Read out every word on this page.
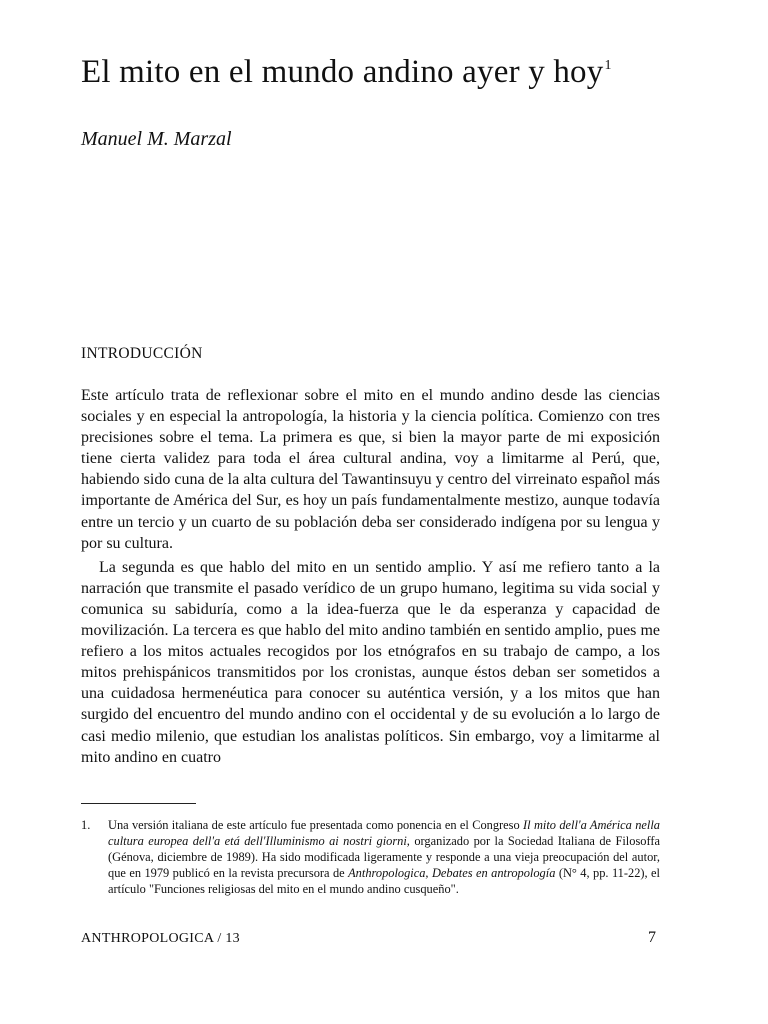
El mito en el mundo andino ayer y hoy$^1$

Manuel M. Marzal

INTRODUCCIÓN

Este artículo trata de reflexionar sobre el mito en el mundo andino desde las ciencias sociales y en especial la antropología, la historia y la ciencia política. Comienzo con tres precisiones sobre el tema. La primera es que, si bien la mayor parte de mi exposición tiene cierta validez para toda el área cultural andina, voy a limitarme al Perú, que, habiendo sido cuna de la alta cultura del Tawantinsuyu y centro del virreinato español más importante de América del Sur, es hoy un país fundamentalmente mestizo, aunque todavía entre un tercio y un cuarto de su población deba ser considerado indígena por su lengua y por su cultura.

La segunda es que hablo del mito en un sentido amplio. Y así me refiero tanto a la narración que transmite el pasado verídico de un grupo humano, legitima su vida social y comunica su sabiduría, como a la idea-fuerza que le da esperanza y capacidad de movilización. La tercera es que hablo del mito andino también en sentido amplio, pues me refiero a los mitos actuales recogidos por los etnógrafos en su trabajo de campo, a los mitos prehispánicos transmitidos por los cronistas, aunque éstos deban ser sometidos a una cuidadosa hermenéutica para conocer su auténtica versión, y a los mitos que han surgido del encuentro del mundo andino con el occidental y de su evolución a lo largo de casi medio milenio, que estudian los analistas políticos. Sin embargo, voy a limitarme al mito andino en cuatro

1. Una versión italiana de este artículo fue presentada como ponencia en el Congreso Il mito dell'a América nella cultura europea dell'a etá dell'Illuminismo ai nostri giorni, organizado por la Sociedad Italiana de Filosoffa (Génova, diciembre de 1989). Ha sido modificada ligeramente y responde a una vieja preocupación del autor, que en 1979 publicó en la revista precursora de Anthropologica, Debates en antropología (N° 4, pp. 11-22), el artículo "Funciones religiosas del mito en el mundo andino cusqueño".

ANTHROPOLOGICA / 13	7
